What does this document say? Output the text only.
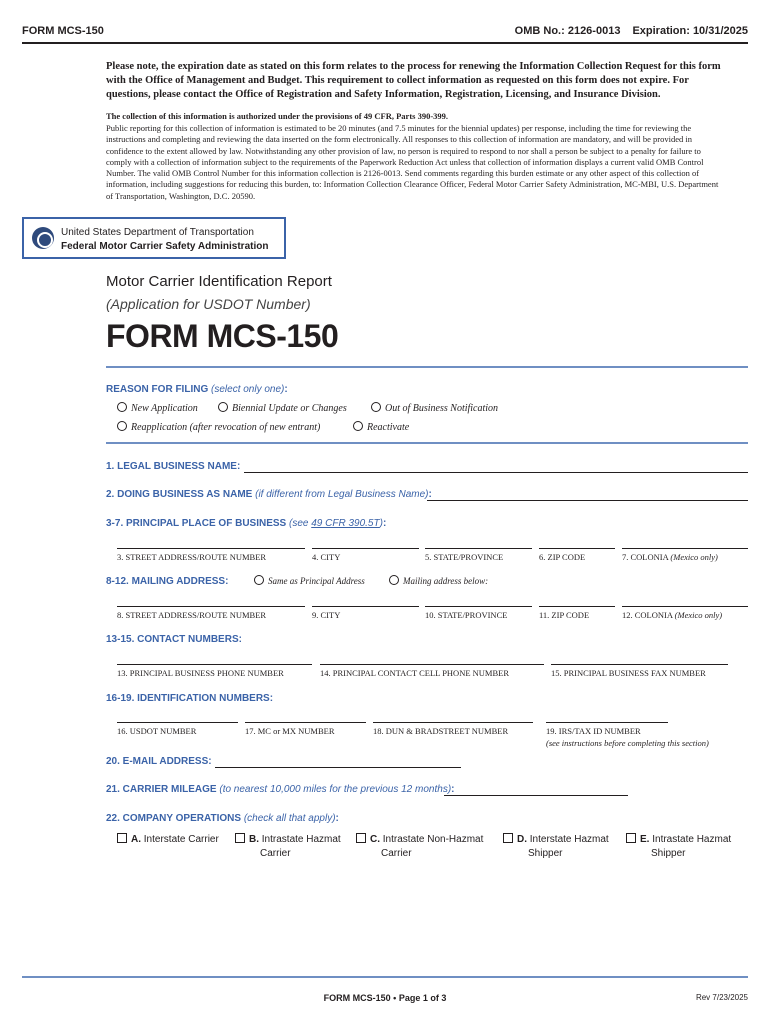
FORM MCS-150	OMB No.: 2126-0013 Expiration: 10/31/2025
Please note, the expiration date as stated on this form relates to the process for renewing the Information Collection Request for this form with the Office of Management and Budget. This requirement to collect information as requested on this form does not expire. For questions, please contact the Office of Registration and Safety Information, Registration, Licensing, and Insurance Division.
The collection of this information is authorized under the provisions of 49 CFR, Parts 390-399.
Public reporting for this collection of information is estimated to be 20 minutes (and 7.5 minutes for the biennial updates) per response, including the time for reviewing the instructions and completing and reviewing the data inserted on the form electronically. All responses to this collection of information are mandatory, and will be provided in confidence to the extent allowed by law. Notwithstanding any other provision of law, no person is required to respond to nor shall a person be subject to a penalty for failure to comply with a collection of information subject to the requirements of the Paperwork Reduction Act unless that collection of information displays a current valid OMB Control Number. The valid OMB Control Number for this information collection is 2126-0013. Send comments regarding this burden estimate or any other aspect of this collection of information, including suggestions for reducing this burden, to: Information Collection Clearance Officer, Federal Motor Carrier Safety Administration, MC-MBI, U.S. Department of Transportation, Washington, D.C. 20590.
United States Department of Transportation
Federal Motor Carrier Safety Administration
Motor Carrier Identification Report
(Application for USDOT Number)
FORM MCS-150
REASON FOR FILING (select only one):
New Application	Biennial Update or Changes	Out of Business Notification
Reapplication (after revocation of new entrant)	Reactivate
1. LEGAL BUSINESS NAME:
2. DOING BUSINESS AS NAME (if different from Legal Business Name):
3-7. PRINCIPAL PLACE OF BUSINESS (see 49 CFR 390.5T):
3. STREET ADDRESS/ROUTE NUMBER	4. CITY	5. STATE/PROVINCE	6. ZIP CODE	7. COLONIA (Mexico only)
8-12. MAILING ADDRESS:	Same as Principal Address	Mailing address below:
8. STREET ADDRESS/ROUTE NUMBER	9. CITY	10. STATE/PROVINCE	11. ZIP CODE	12. COLONIA (Mexico only)
13-15. CONTACT NUMBERS:
13. PRINCIPAL BUSINESS PHONE NUMBER	14. PRINCIPAL CONTACT CELL PHONE NUMBER	15. PRINCIPAL BUSINESS FAX NUMBER
16-19. IDENTIFICATION NUMBERS:
16. USDOT NUMBER	17. MC or MX NUMBER	18. DUN & BRADSTREET NUMBER	19. IRS/TAX ID NUMBER
(see instructions before completing this section)
20. E-MAIL ADDRESS:
21. CARRIER MILEAGE (to nearest 10,000 miles for the previous 12 months):
22. COMPANY OPERATIONS (check all that apply):
A. Interstate Carrier	B. Intrastate Hazmat
Carrier
C. Intrastate Non-Hazmat
Carrier
D. Interstate Hazmat
Shipper
E. Intrastate Hazmat
Shipper
FORM MCS-150 • Page 1 of 3	Rev 7/23/2025
